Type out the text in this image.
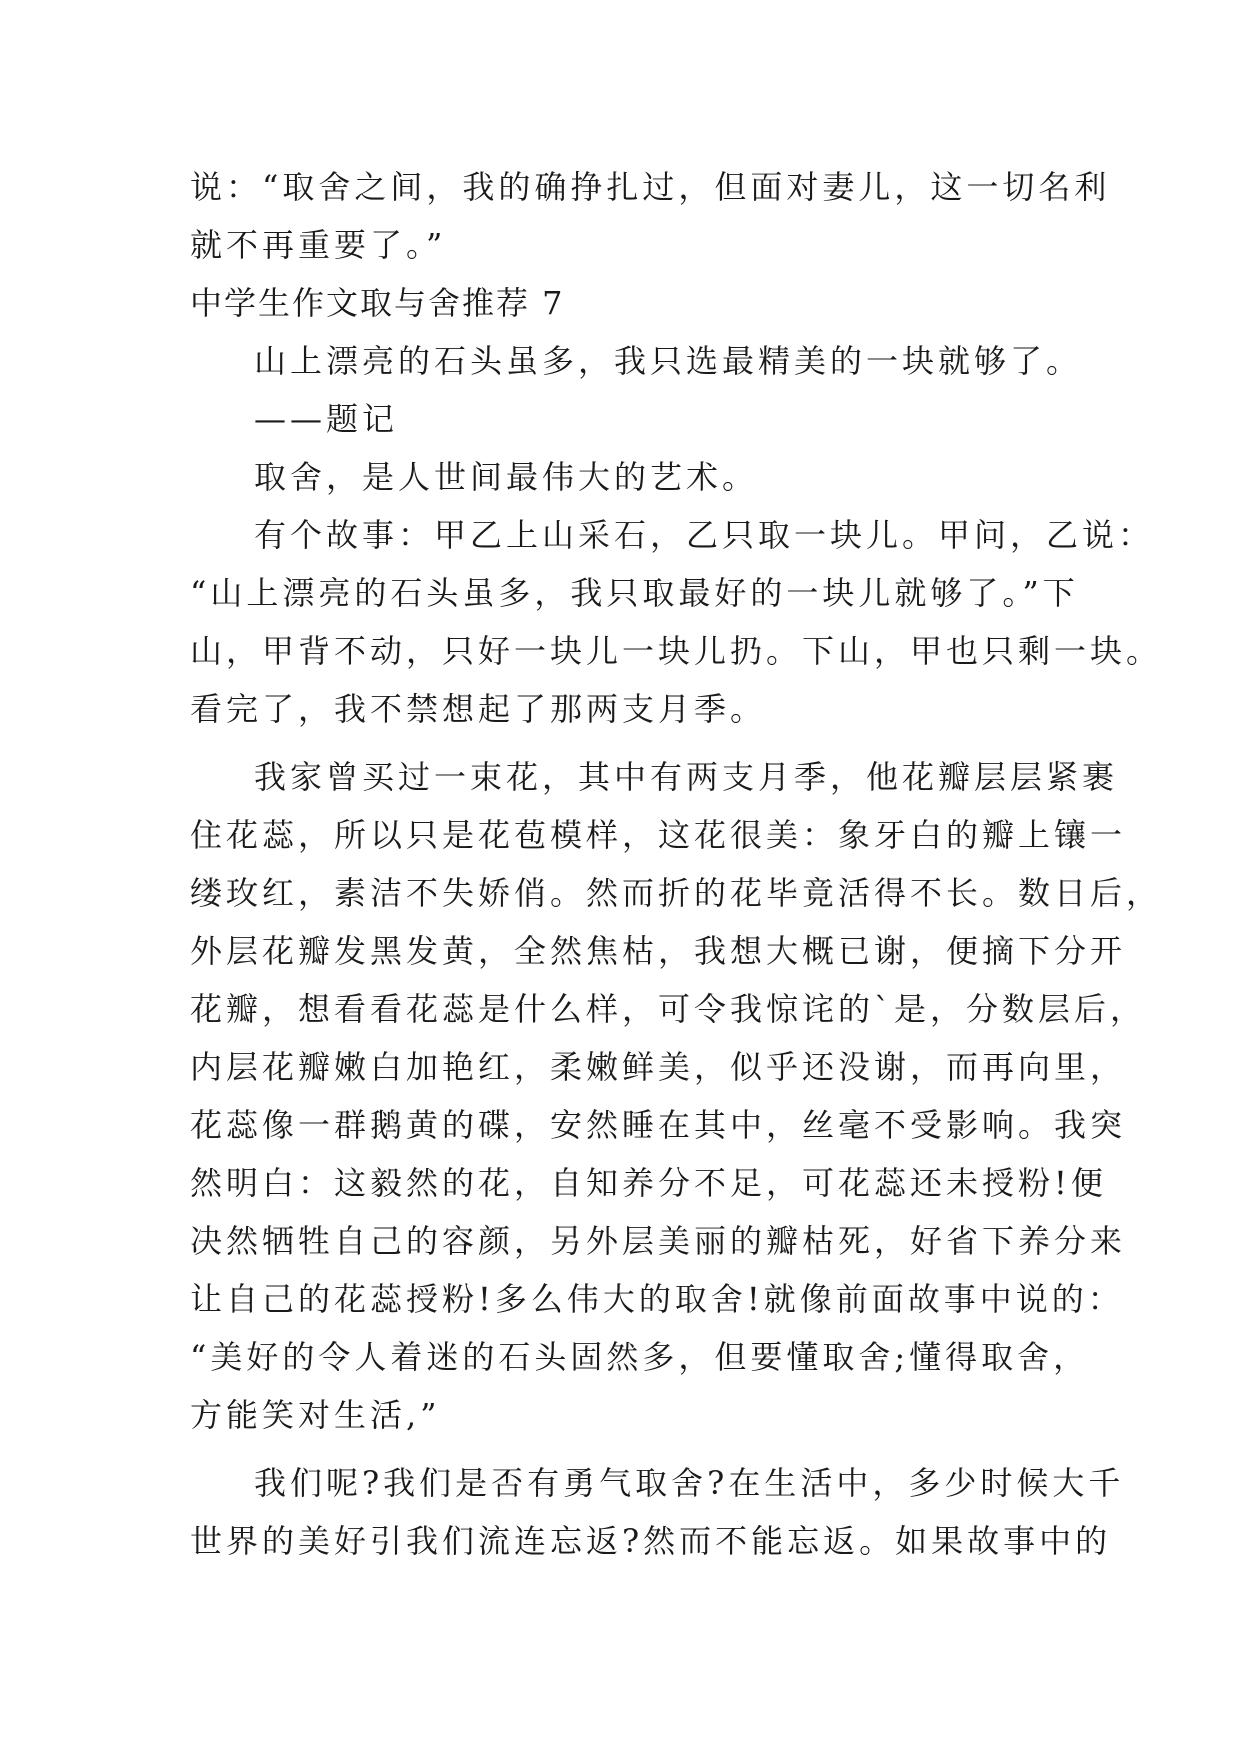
说：“取舍之间，我的确挣扎过，但面对妻儿，这一切名利
就不再重要了。”
中学生作文取与舍推荐 7
山上漂亮的石头虽多，我只选最精美的一块就够了。
——题记
取舍，是人世间最伟大的艺术。
有个故事：甲乙上山采石，乙只取一块儿。甲问，乙说：
“山上漂亮的石头虽多，我只取最好的一块儿就够了。”下
山，甲背不动，只好一块儿一块儿扔。下山，甲也只剩一块。
看完了，我不禁想起了那两支月季。
我家曾买过一束花，其中有两支月季，他花瓣层层紧裹
住花蕊，所以只是花苞模样，这花很美：象牙白的瓣上镶一
缕玫红，素洁不失娇俏。然而折的花毕竟活得不长。数日后，
外层花瓣发黑发黄，全然焦枯，我想大概已谢，便摘下分开
花瓣，想看看花蕊是什么样，可令我惊诧的`是，分数层后，
内层花瓣嫩白加艳红，柔嫩鲜美，似乎还没谢，而再向里，
花蕊像一群鹅黄的碟，安然睡在其中，丝毫不受影响。我突
然明白：这毅然的花，自知养分不足，可花蕊还未授粉!便
决然牺牲自己的容颜，另外层美丽的瓣枯死，好省下养分来
让自己的花蕊授粉!多么伟大的取舍!就像前面故事中说的：
“美好的令人着迷的石头固然多，但要懂取舍;懂得取舍，
方能笑对生活,”
我们呢?我们是否有勇气取舍?在生活中，多少时候大千
世界的美好引我们流连忘返?然而不能忘返。如果故事中的
